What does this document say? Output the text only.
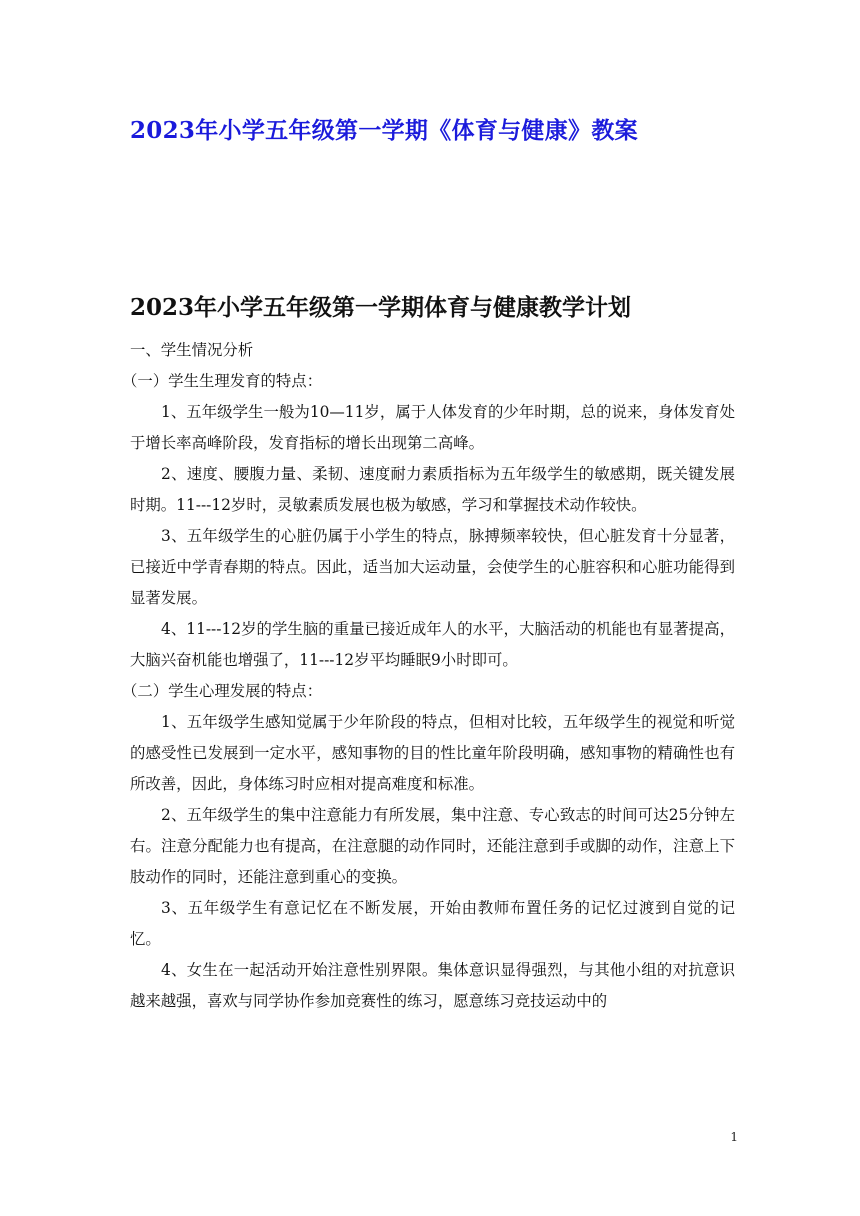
2023年小学五年级第一学期《体育与健康》教案
2023年小学五年级第一学期体育与健康教学计划

一、学生情况分析

（一）学生生理发育的特点：

1、五年级学生一般为10—11岁，属于人体发育的少年时期，总的说来，身体发育处于增长率高峰阶段，发育指标的增长出现第二高峰。

2、速度、腰腹力量、柔韧、速度耐力素质指标为五年级学生的敏感期，既关键发展时期。11---12岁时，灵敏素质发展也极为敏感，学习和掌握技术动作较快。

3、五年级学生的心脏仍属于小学生的特点，脉搏频率较快，但心脏发育十分显著，已接近中学青春期的特点。因此，适当加大运动量，会使学生的心脏容积和心脏功能得到显著发展。

4、11---12岁的学生脑的重量已接近成年人的水平，大脑活动的机能也有显著提高，大脑兴奋机能也增强了，11---12岁平均睡眠9小时即可。

（二）学生心理发展的特点：

1、五年级学生感知觉属于少年阶段的特点，但相对比较，五年级学生的视觉和听觉的感受性已发展到一定水平，感知事物的目的性比童年阶段明确，感知事物的精确性也有所改善，因此，身体练习时应相对提高难度和标准。

2、五年级学生的集中注意能力有所发展，集中注意、专心致志的时间可达25分钟左右。注意分配能力也有提高，在注意腿的动作同时，还能注意到手或脚的动作，注意上下肢动作的同时，还能注意到重心的变换。

3、五年级学生有意记忆在不断发展，开始由教师布置任务的记忆过渡到自觉的记忆。

4、女生在一起活动开始注意性别界限。集体意识显得强烈，与其他小组的对抗意识越来越强，喜欢与同学协作参加竞赛性的练习，愿意练习竞技运动中的

1
